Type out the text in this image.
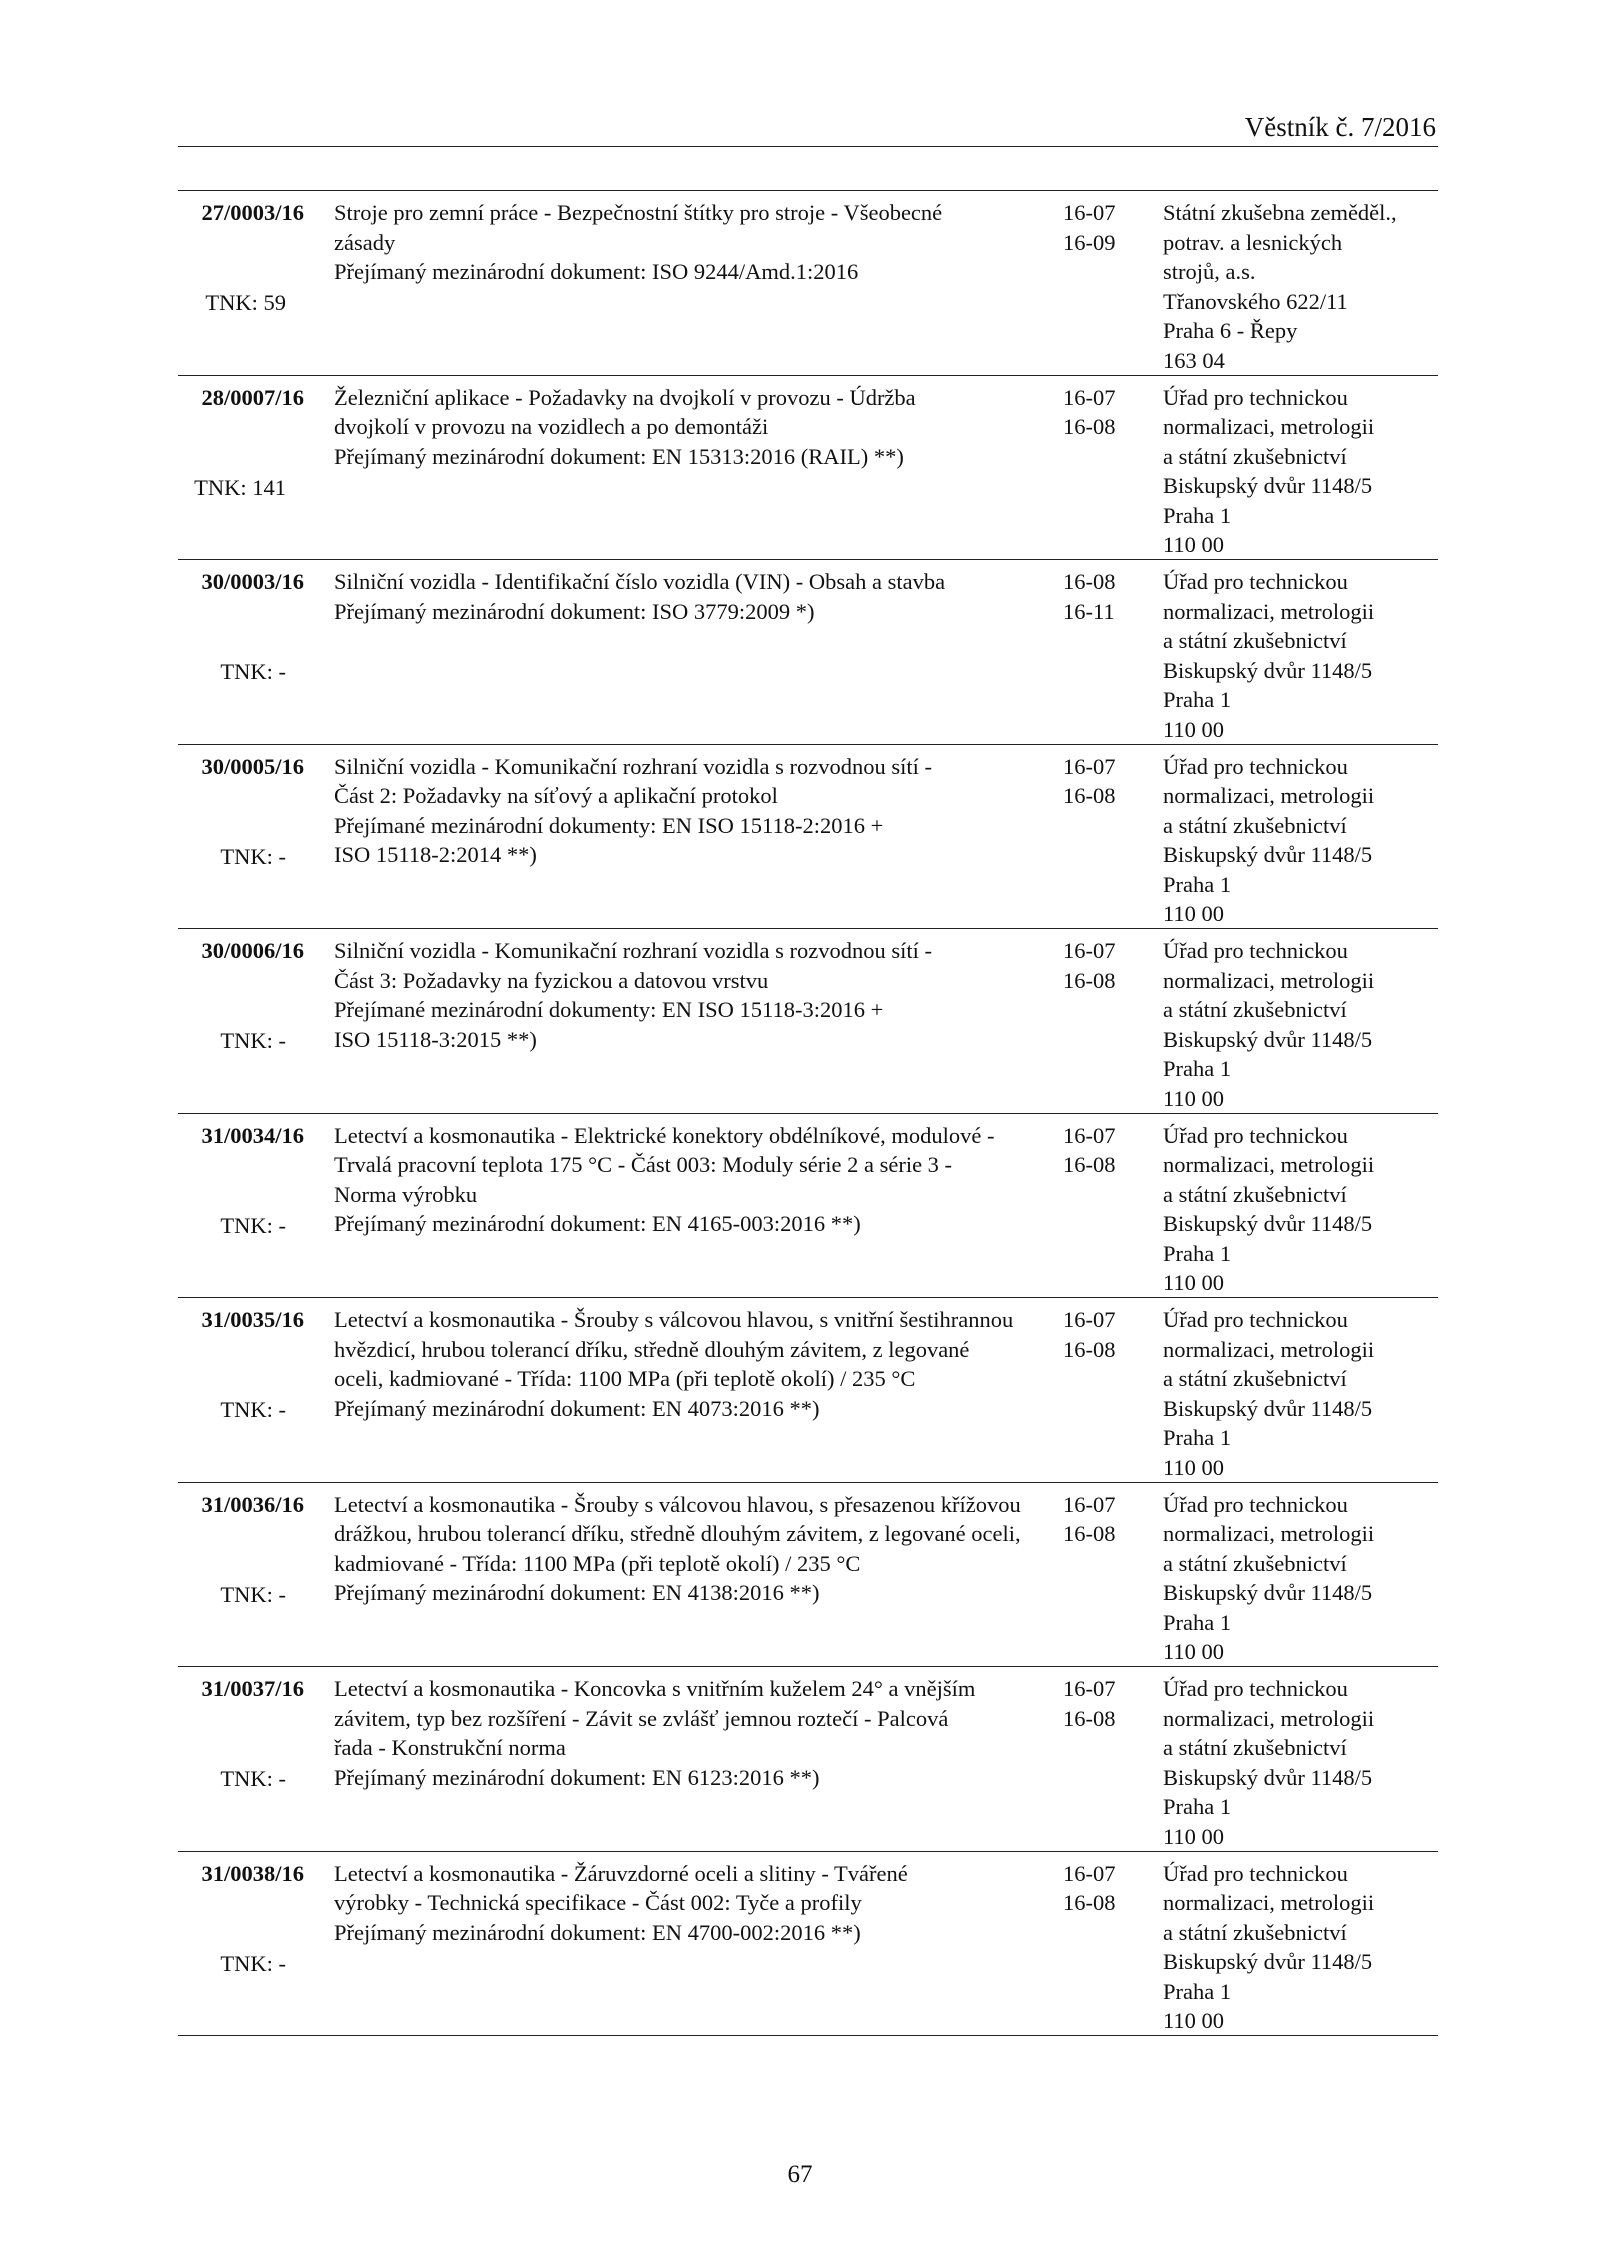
Věstník č. 7/2016
27/0003/16
TNK: 59
Stroje pro zemní práce - Bezpečnostní štítky pro stroje - Všeobecné
zásady
Přejímaný mezinárodní dokument: ISO 9244/Amd.1:2016
16-07
16-09
Státní zkušebna zeměděl.,
potrav. a lesnických
strojů, a.s.
Třanovského 622/11
Praha 6 - Řepy
163 04
28/0007/16
TNK: 141
Železniční aplikace - Požadavky na dvojkolí v provozu - Údržba
dvojkolí v provozu na vozidlech a po demontáži
Přejímaný mezinárodní dokument: EN 15313:2016 (RAIL) **)
16-07
16-08
Úřad pro technickou
normalizaci, metrologii
a státní zkušebnictví
Biskupský dvůr 1148/5
Praha 1
110 00
30/0003/16
TNK: -
Silniční vozidla - Identifikační číslo vozidla (VIN) - Obsah a stavba
Přejímaný mezinárodní dokument: ISO 3779:2009 *)
16-08
16-11
Úřad pro technickou
normalizaci, metrologii
a státní zkušebnictví
Biskupský dvůr 1148/5
Praha 1
110 00
30/0005/16
TNK: -
Silniční vozidla - Komunikační rozhraní vozidla s rozvodnou sítí -
Část 2: Požadavky na síťový a aplikační protokol
Přejímané mezinárodní dokumenty: EN ISO 15118-2:2016 +
ISO 15118-2:2014 **)
16-07
16-08
Úřad pro technickou
normalizaci, metrologii
a státní zkušebnictví
Biskupský dvůr 1148/5
Praha 1
110 00
30/0006/16
TNK: -
Silniční vozidla - Komunikační rozhraní vozidla s rozvodnou sítí -
Část 3: Požadavky na fyzickou a datovou vrstvu
Přejímané mezinárodní dokumenty: EN ISO 15118-3:2016 +
ISO 15118-3:2015 **)
16-07
16-08
Úřad pro technickou
normalizaci, metrologii
a státní zkušebnictví
Biskupský dvůr 1148/5
Praha 1
110 00
31/0034/16
TNK: -
Letectví a kosmonautika - Elektrické konektory obdélníkové, modulové -
Trvalá pracovní teplota 175 °C - Část 003: Moduly série 2 a série 3 -
Norma výrobku
Přejímaný mezinárodní dokument: EN 4165-003:2016 **)
16-07
16-08
Úřad pro technickou
normalizaci, metrologii
a státní zkušebnictví
Biskupský dvůr 1148/5
Praha 1
110 00
31/0035/16
TNK: -
Letectví a kosmonautika - Šrouby s válcovou hlavou, s vnitřní šestihrannou
hvězdicí, hrubou tolerancí dříku, středně dlouhým závitem, z legované
oceli, kadmiované - Třída: 1100 MPa (při teplotě okolí) / 235 °C
Přejímaný mezinárodní dokument: EN 4073:2016 **)
16-07
16-08
Úřad pro technickou
normalizaci, metrologii
a státní zkušebnictví
Biskupský dvůr 1148/5
Praha 1
110 00
31/0036/16
TNK: -
Letectví a kosmonautika - Šrouby s válcovou hlavou, s přesazenou křížovou
drážkou, hrubou tolerancí dříku, středně dlouhým závitem, z legované oceli,
kadmiované - Třída: 1100 MPa (při teplotě okolí) / 235 °C
Přejímaný mezinárodní dokument: EN 4138:2016 **)
16-07
16-08
Úřad pro technickou
normalizaci, metrologii
a státní zkušebnictví
Biskupský dvůr 1148/5
Praha 1
110 00
31/0037/16
TNK: -
Letectví a kosmonautika - Koncovka s vnitřním kuželem 24° a vnějším
závitem, typ bez rozšíření - Závit se zvlášť jemnou roztečí - Palcová
řada - Konstrukční norma
Přejímaný mezinárodní dokument: EN 6123:2016 **)
16-07
16-08
Úřad pro technickou
normalizaci, metrologii
a státní zkušebnictví
Biskupský dvůr 1148/5
Praha 1
110 00
31/0038/16
TNK: -
Letectví a kosmonautika - Žáruvzdorné oceli a slitiny - Tvářené
výrobky - Technická specifikace - Část 002: Tyče a profily
Přejímaný mezinárodní dokument: EN 4700-002:2016 **)
16-07
16-08
Úřad pro technickou
normalizaci, metrologii
a státní zkušebnictví
Biskupský dvůr 1148/5
Praha 1
110 00
67
